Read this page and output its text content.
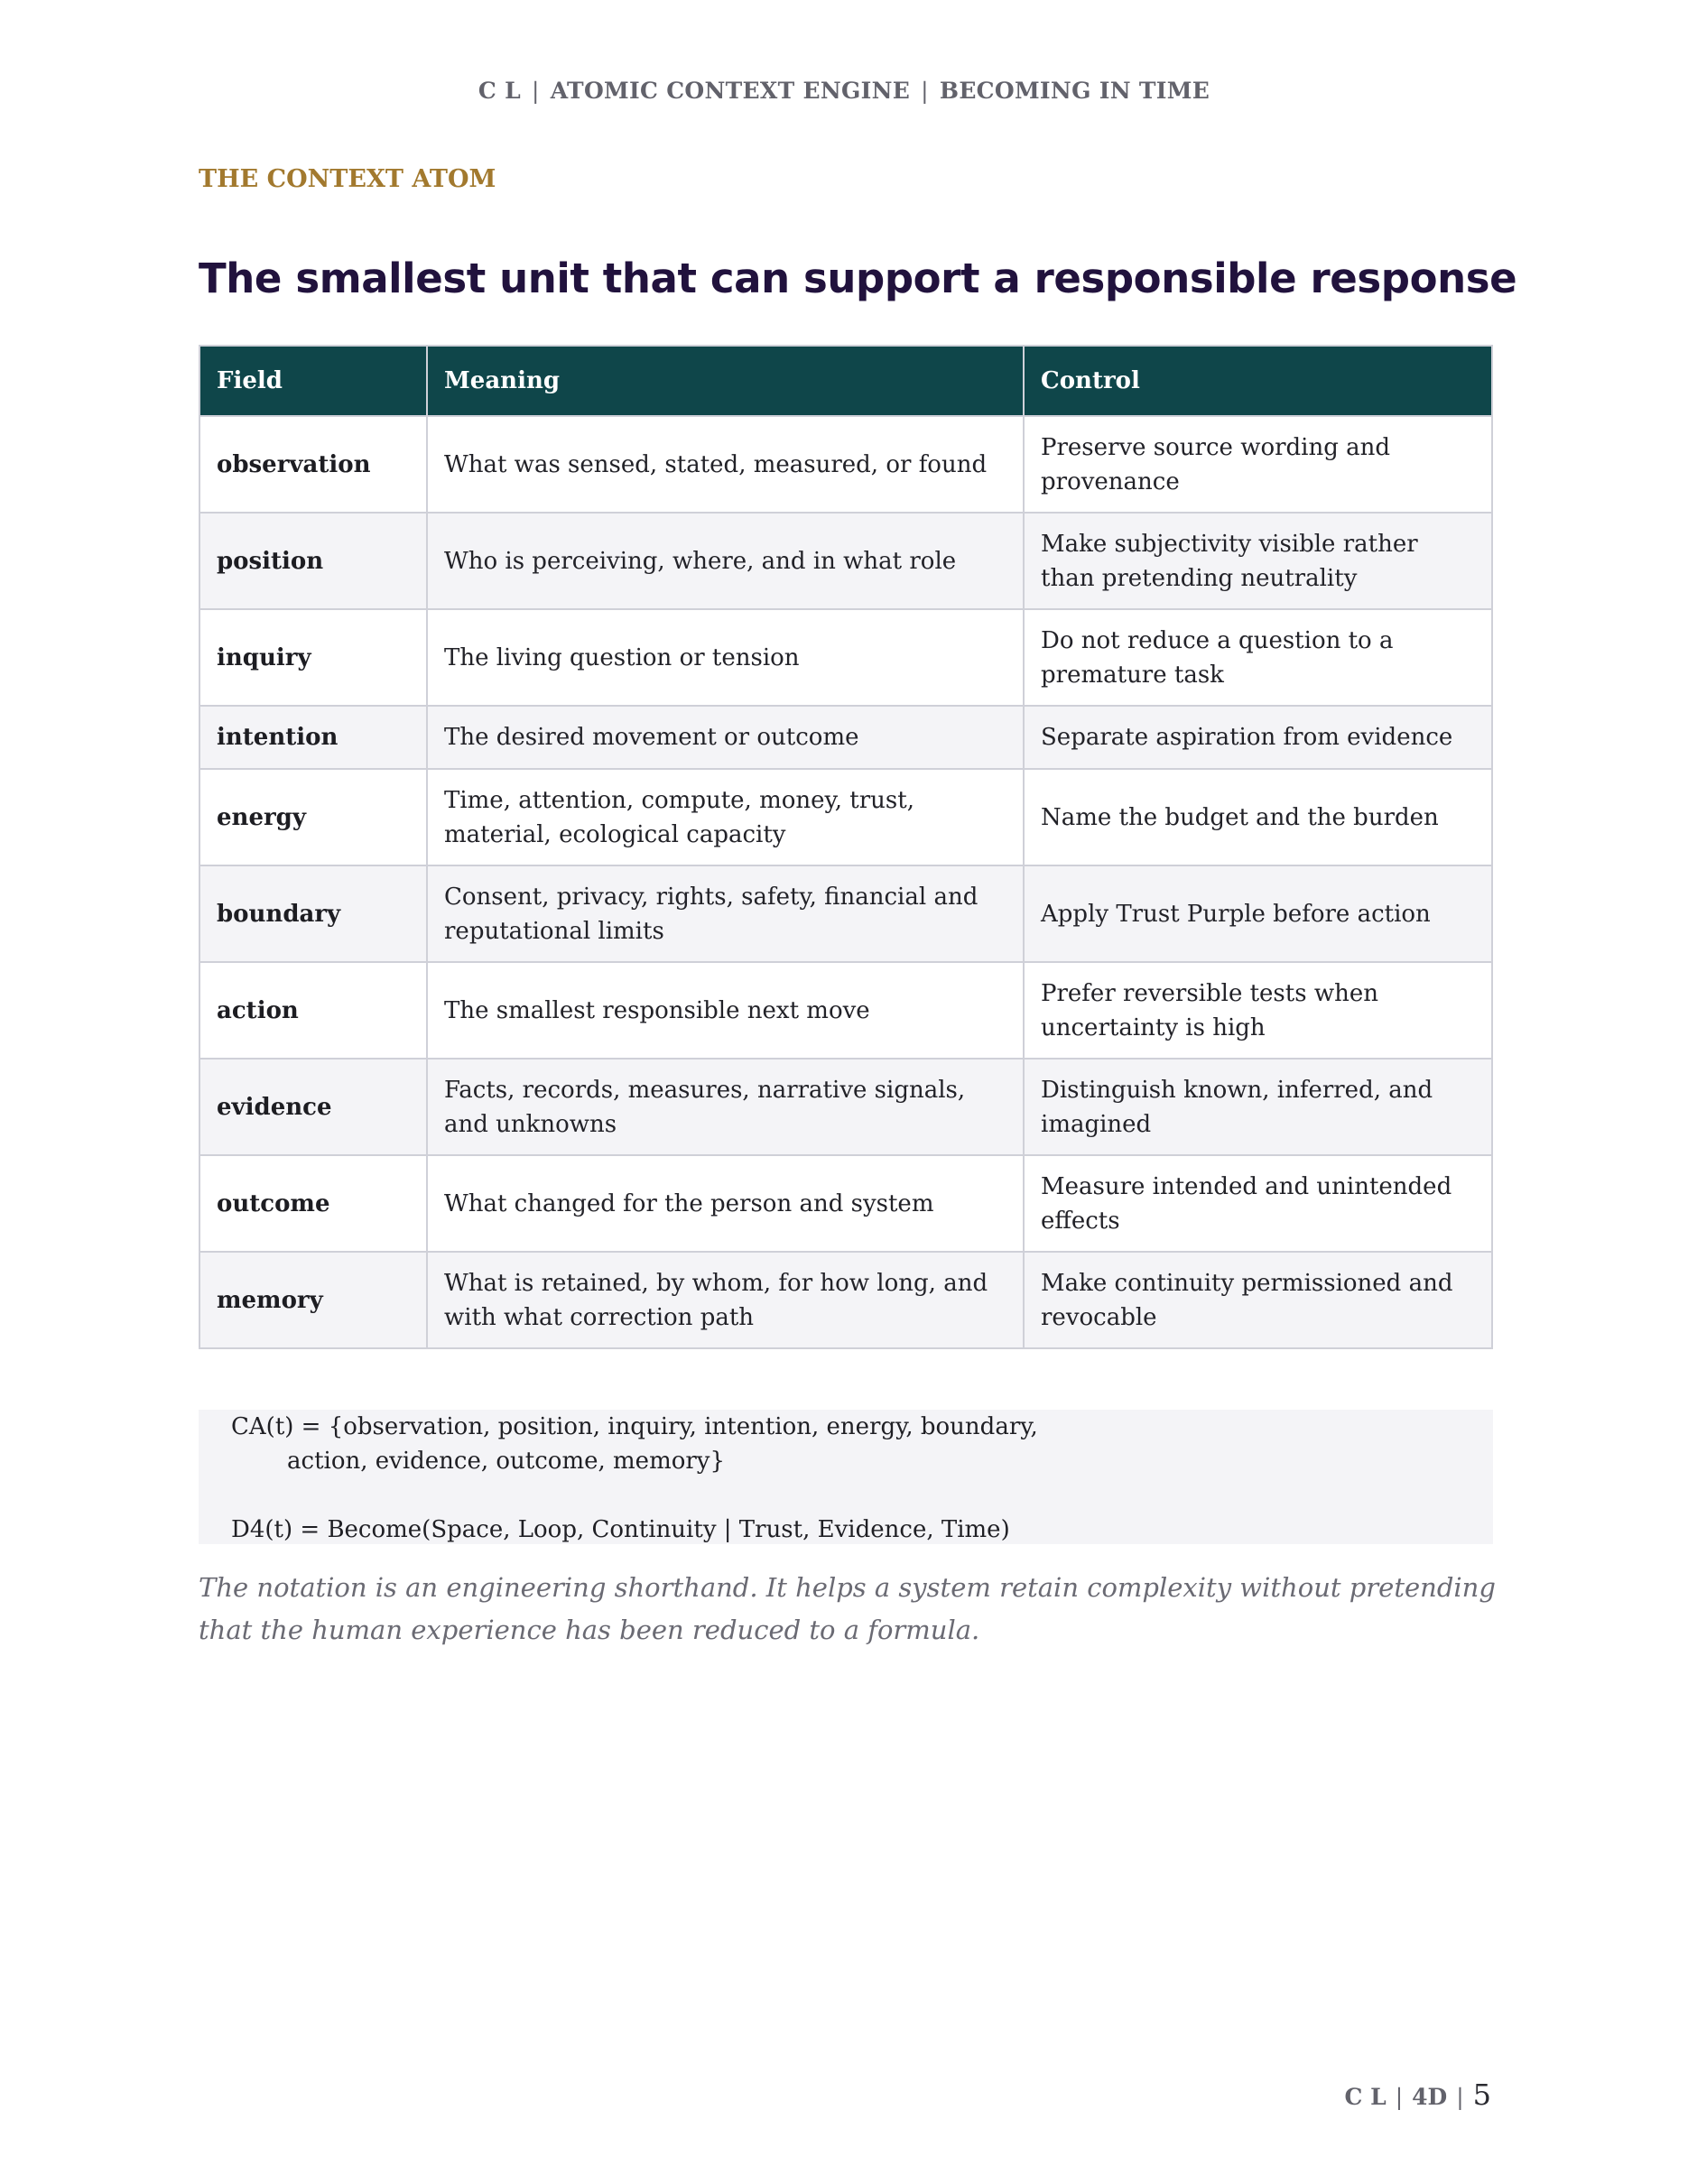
C L | ATOMIC CONTEXT ENGINE | BECOMING IN TIME
THE CONTEXT ATOM
The smallest unit that can support a responsible response
Field	Meaning	Control
observation	What was sensed, stated, measured, or found	Preserve source wording and provenance
position	Who is perceiving, where, and in what role	Make subjectivity visible rather than pretending neutrality
inquiry	The living question or tension	Do not reduce a question to a premature task
intention	The desired movement or outcome	Separate aspiration from evidence
energy	Time, attention, compute, money, trust, material, ecological capacity	Name the budget and the burden
boundary	Consent, privacy, rights, safety, financial and reputational limits	Apply Trust Purple before action
action	The smallest responsible next move	Prefer reversible tests when uncertainty is high
evidence	Facts, records, measures, narrative signals, and unknowns	Distinguish known, inferred, and imagined
outcome	What changed for the person and system	Measure intended and unintended effects
memory	What is retained, by whom, for how long, and with what correction path	Make continuity permissioned and revocable
CA(t) = {observation, position, inquiry, intention, energy, boundary,
action, evidence, outcome, memory}
D4(t) = Become(Space, Loop, Continuity | Trust, Evidence, Time)
The notation is an engineering shorthand. It helps a system retain complexity without pretending that the human experience has been reduced to a formula.
C L | 4D | 5
